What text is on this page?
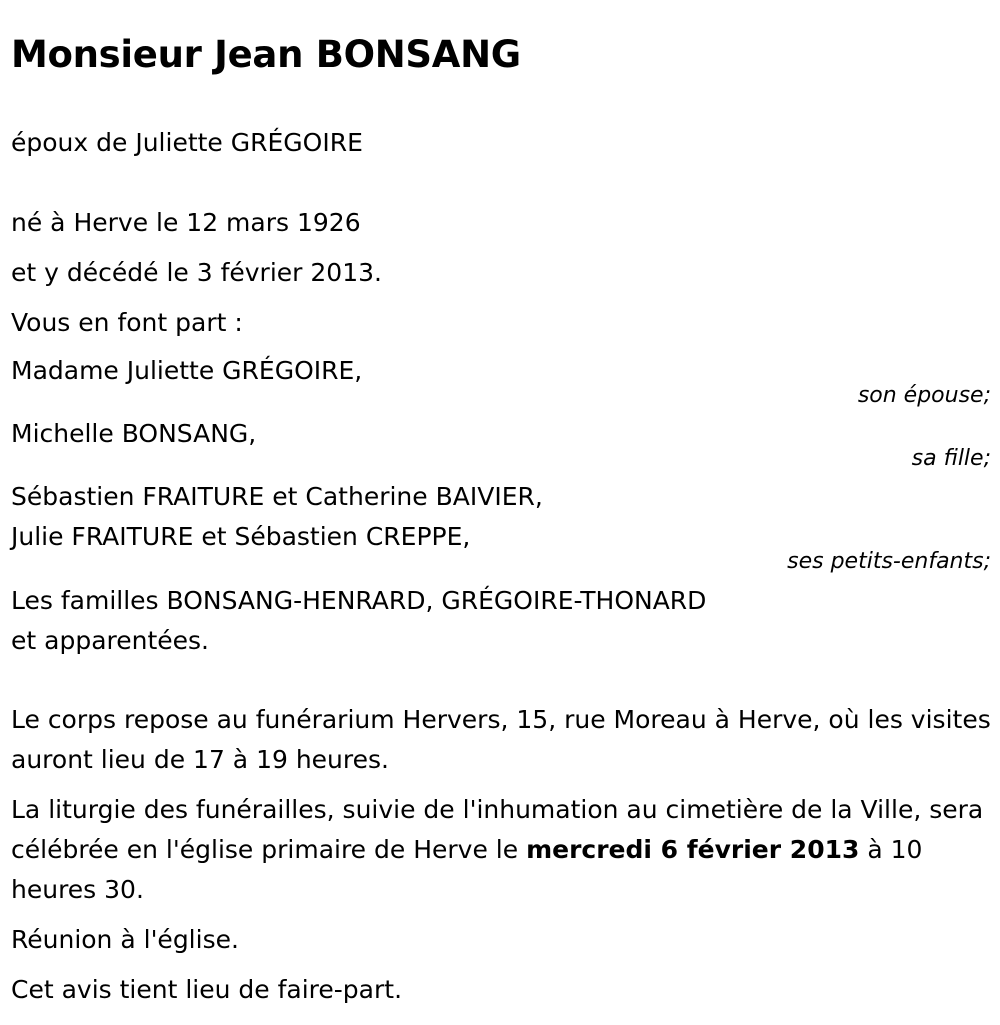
Monsieur Jean BONSANG
époux de Juliette GRÉGOIRE
né à Herve le 12 mars 1926
et y décédé le 3 février 2013.
Vous en font part :
Madame Juliette GRÉGOIRE,
son épouse;
Michelle BONSANG,
sa fille;
Sébastien FRAITURE et Catherine BAIVIER,
Julie FRAITURE et Sébastien CREPPE,
ses petits-enfants;
Les familles BONSANG-HENRARD, GRÉGOIRE-THONARD
et apparentées.

Le corps repose au funérarium Hervers, 15, rue Moreau à Herve, où les visites auront lieu de 17 à 19 heures.

La liturgie des funérailles, suivie de l'inhumation au cimetière de la Ville, sera célébrée en l'église primaire de Herve le mercredi 6 février 2013 à 10 heures 30.

Réunion à l'église.
Cet avis tient lieu de faire-part.
